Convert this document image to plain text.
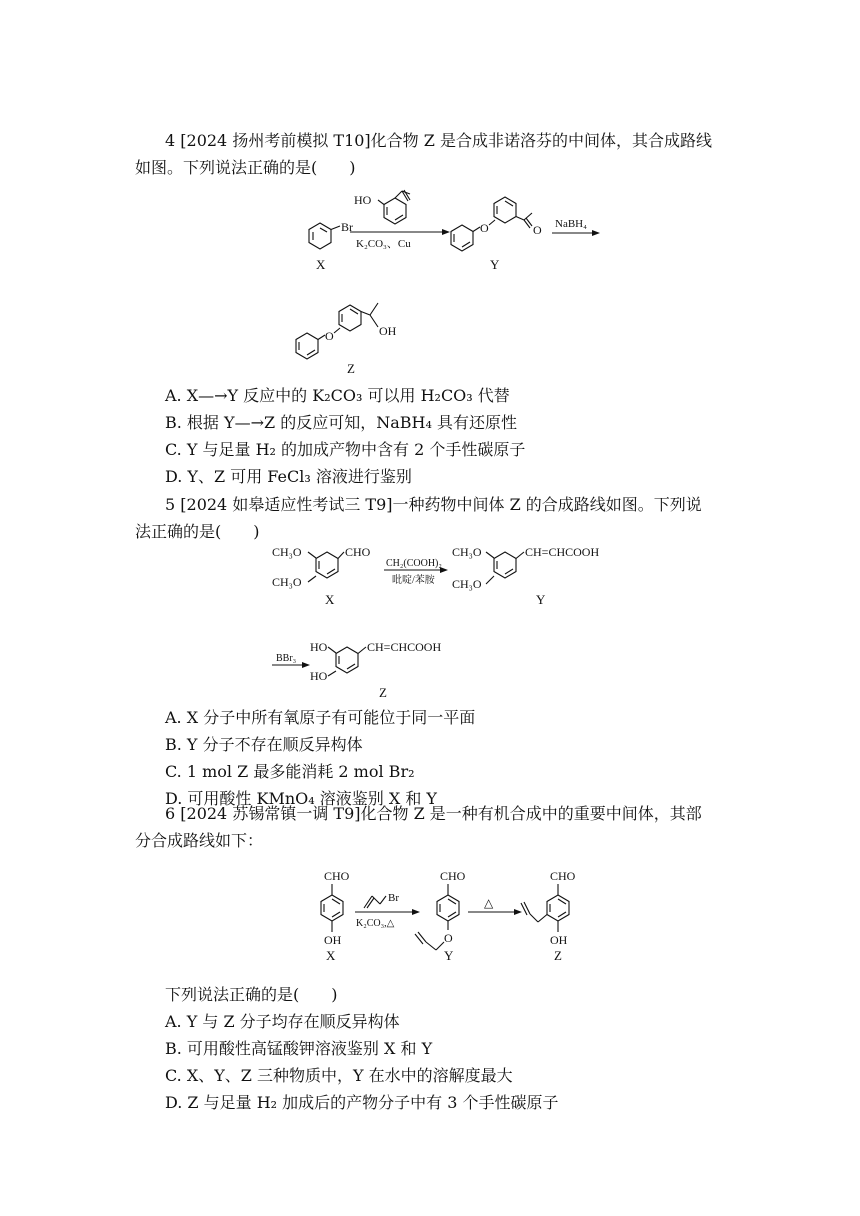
4 [2024 扬州考前模拟 T10]化合物 Z 是合成非诺洛芬的中间体，其合成路线
如图。下列说法正确的是(　　)
Br
X
HO
K₂CO₃、Cu
O	O
Y
NaBH₄
O	OH
Z
A. X—→Y 反应中的 K₂CO₃ 可以用 H₂CO₃ 代替
B. 根据 Y—→Z 的反应可知，NaBH₄ 具有还原性
C. Y 与足量 H₂ 的加成产物中含有 2 个手性碳原子
D. Y、Z 可用 FeCl₃ 溶液进行鉴别
5 [2024 如皋适应性考试三 T9]一种药物中间体 Z 的合成路线如图。下列说
法正确的是(　　)
CH₃O
CH₃O
CHO
X
CH₂(COOH)₂
吡啶/苯胺
CH₃O
CH₃O
CH=CHCOOH
Y
BBr₃
HO
HO
CH=CHCOOH
Z
A. X 分子中所有氧原子有可能位于同一平面
B. Y 分子不存在顺反异构体
C. 1 mol Z 最多能消耗 2 mol Br₂
D. 可用酸性 KMnO₄ 溶液鉴别 X 和 Y
6 [2024 苏锡常镇一调 T9]化合物 Z 是一种有机合成中的重要中间体，其部
分合成路线如下：
CHO
OH
X
Br
K₂CO₃,△
CHO
O
Y
△
CHO
OH
Z
下列说法正确的是(　　)
A. Y 与 Z 分子均存在顺反异构体
B. 可用酸性高锰酸钾溶液鉴别 X 和 Y
C. X、Y、Z 三种物质中，Y 在水中的溶解度最大
D. Z 与足量 H₂ 加成后的产物分子中有 3 个手性碳原子
